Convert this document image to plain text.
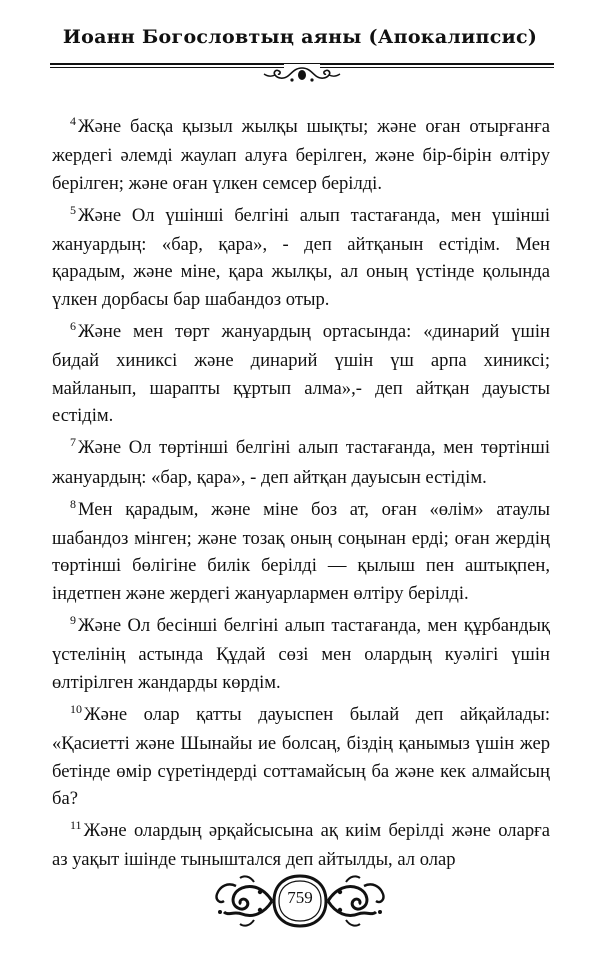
Иоанн Богословтың аяны (Апокалипсис)

$^4$ Және басқа қызыл жылқы шықты; және оған отырғанға жердегі әлемді жаулап алуға берілген, және бір-бірін өлтіру берілген; және оған үлкен семсер берілді.

$^5$ Және Ол үшінші белгіні алып тастағанда, мен үшінші жануардың: «бар, қара», - деп айтқанын естідім. Мен қарадым, және міне, қара жылқы, ал оның үстінде қолында үлкен дорбасы бар шабандоз отыр.

$^6$ Және мен төрт жануардың ортасында: «динарий үшін бидай хиниксі және динарий үшін үш арпа хиниксі; майланып, шарапты құртып алма»,- деп айтқан дауысты естідім.

$^7$ Және Ол төртінші белгіні алып тастағанда, мен төртінші жануардың: «бар, қара», - деп айтқан дауысын естідім.

$^8$ Мен қарадым, және міне боз ат, оған «өлім» атаулы шабандоз мінген; және тозақ оның соңынан ерді; оған жердің төртінші бөлігіне билік берілді — қылыш пен аштықпен, індетпен және жердегі жануарлармен өлтіру берілді.

$^9$ Және Ол бесінші белгіні алып тастағанда, мен құрбандық үстелінің астында Құдай сөзі мен олардың куәлігі үшін өлтірілген жандарды көрдім.

$^{10}$ Және олар қатты дауыспен былай деп айқайлады: «Қасиетті және Шынайы ие болсаң, біздің қанымыз үшін жер бетінде өмір сүретіндерді соттамайсың ба және кек алмайсың ба?

$^{11}$ Және олардың әрқайсысына ақ киім берілді және оларға аз уақыт ішінде тыныштался деп айтылды, ал олар

759
